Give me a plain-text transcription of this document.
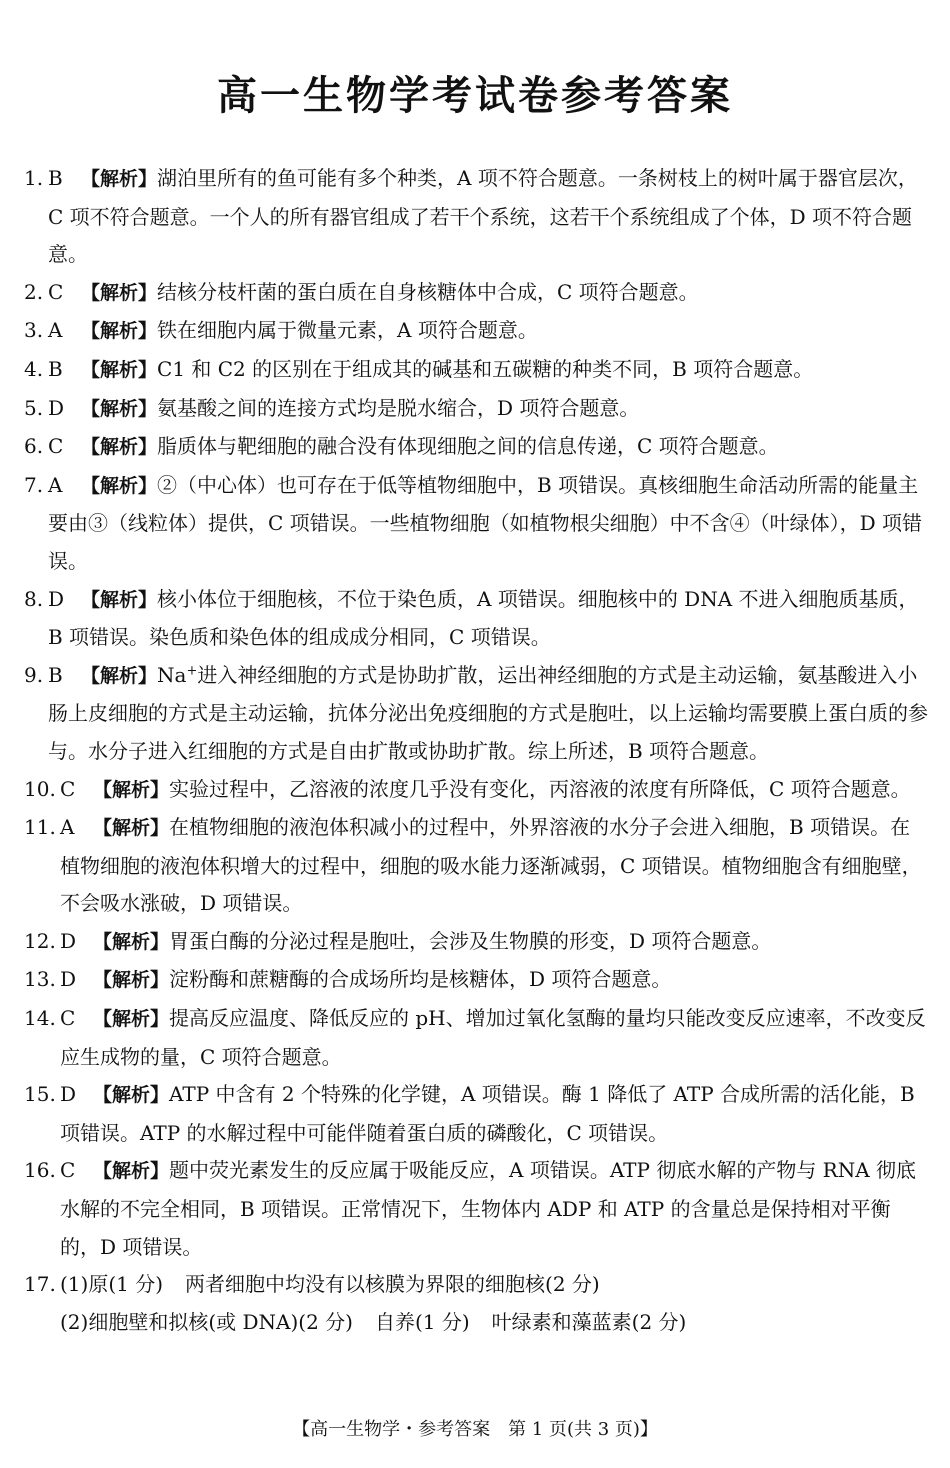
高一生物学考试卷参考答案
1. B 【解析】湖泊里所有的鱼可能有多个种类，A 项不符合题意。一条树枝上的树叶属于器官层次，C 项不符合题意。一个人的所有器官组成了若干个系统，这若干个系统组成了个体，D 项不符合题意。
2. C 【解析】结核分枝杆菌的蛋白质在自身核糖体中合成，C 项符合题意。
3. A 【解析】铁在细胞内属于微量元素，A 项符合题意。
4. B 【解析】C1 和 C2 的区别在于组成其的碱基和五碳糖的种类不同，B 项符合题意。
5. D 【解析】氨基酸之间的连接方式均是脱水缩合，D 项符合题意。
6. C 【解析】脂质体与靶细胞的融合没有体现细胞之间的信息传递，C 项符合题意。
7. A 【解析】②（中心体）也可存在于低等植物细胞中，B 项错误。真核细胞生命活动所需的能量主要由③（线粒体）提供，C 项错误。一些植物细胞（如植物根尖细胞）中不含④（叶绿体），D 项错误。
8. D 【解析】核小体位于细胞核，不位于染色质，A 项错误。细胞核中的 DNA 不进入细胞质基质，B 项错误。染色质和染色体的组成成分相同，C 项错误。
9. B 【解析】Na+进入神经细胞的方式是协助扩散，运出神经细胞的方式是主动运输，氨基酸进入小肠上皮细胞的方式是主动运输，抗体分泌出免疫细胞的方式是胞吐，以上运输均需要膜上蛋白质的参与。水分子进入红细胞的方式是自由扩散或协助扩散。综上所述，B 项符合题意。
10. C 【解析】实验过程中，乙溶液的浓度几乎没有变化，丙溶液的浓度有所降低，C 项符合题意。
11. A 【解析】在植物细胞的液泡体积减小的过程中，外界溶液的水分子会进入细胞，B 项错误。在植物细胞的液泡体积增大的过程中，细胞的吸水能力逐渐减弱，C 项错误。植物细胞含有细胞壁，不会吸水涨破，D 项错误。
12. D 【解析】胃蛋白酶的分泌过程是胞吐，会涉及生物膜的形变，D 项符合题意。
13. D 【解析】淀粉酶和蔗糖酶的合成场所均是核糖体，D 项符合题意。
14. C 【解析】提高反应温度、降低反应的 pH、增加过氧化氢酶的量均只能改变反应速率，不改变反应生成物的量，C 项符合题意。
15. D 【解析】ATP 中含有 2 个特殊的化学键，A 项错误。酶 1 降低了 ATP 合成所需的活化能，B 项错误。ATP 的水解过程中可能伴随着蛋白质的磷酸化，C 项错误。
16. C 【解析】题中荧光素发生的反应属于吸能反应，A 项错误。ATP 彻底水解的产物与 RNA 彻底水解的不完全相同，B 项错误。正常情况下，生物体内 ADP 和 ATP 的含量总是保持相对平衡的，D 项错误。
17. (1)原(1 分) 两者细胞中均没有以核膜为界限的细胞核(2 分)
(2)细胞壁和拟核(或 DNA)(2 分) 自养(1 分) 叶绿素和藻蓝素(2 分)
【高一生物学・参考答案　第 1 页(共 3 页)】
